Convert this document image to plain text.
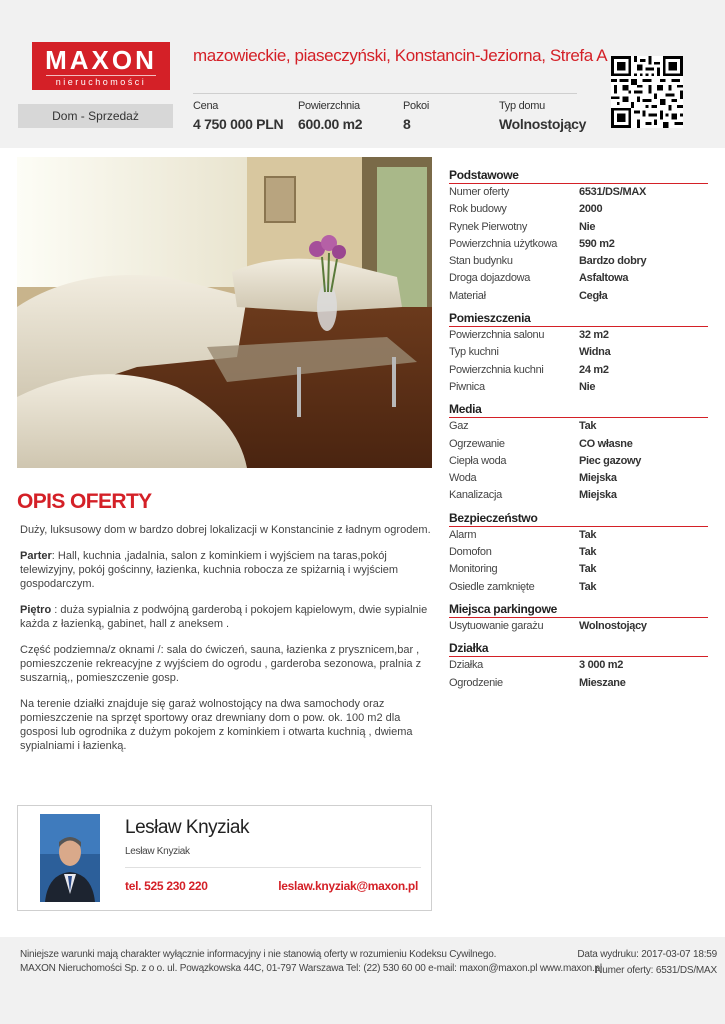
MAXON
nieruchomości
mazowieckie, piaseczyński, Konstancin-Jeziorna, Strefa A
Dom - Sprzedaż
Cena
4 750 000 PLN
Powierzchnia
600.00 m2
Pokoi
8
Typ domu
Wolnostojący
OPIS OFERTY

Duży, luksusowy dom w bardzo dobrej lokalizacji w Konstancinie z ładnym ogrodem.

Parter: Hall, kuchnia ,jadalnia, salon z kominkiem i wyjściem na taras,pokój telewizyjny, pokój gościnny, łazienka, kuchnia robocza ze spiżarnią i wyjściem gospodarczym.

Piętro : duża sypialnia z podwójną garderobą i pokojem kąpielowym, dwie sypialnie każda z łazienką, gabinet, hall z aneksem .

Część podziemna/z oknami /: sala do ćwiczeń, sauna, łazienka z prysznicem,bar , pomieszczenie rekreacyjne z wyjściem do ogrodu , garderoba sezonowa, pralnia z suszarnią,, pomieszczenie gosp.

Na terenie działki znajduje się garaż wolnostojący na dwa samochody oraz pomieszczenie na sprzęt sportowy oraz drewniany dom o pow. ok. 100 m2 dla gosposi lub ogrodnika z dużym pokojem z kominkiem i otwarta kuchnią , dwiema sypialniami i łazienką.

Podstawowe
Numer oferty	6531/DS/MAX
Rok budowy	2000
Rynek Pierwotny	Nie
Powierzchnia użytkowa	590 m2
Stan budynku	Bardzo dobry
Droga dojazdowa	Asfaltowa
Materiał	Cegła
Pomieszczenia
Powierzchnia salonu	32 m2
Typ kuchni	Widna
Powierzchnia kuchni	24 m2
Piwnica	Nie
Media
Gaz	Tak
Ogrzewanie	CO własne
Ciepła woda	Piec gazowy
Woda	Miejska
Kanalizacja	Miejska
Bezpieczeństwo
Alarm	Tak
Domofon	Tak
Monitoring	Tak
Osiedle zamknięte	Tak
Miejsca parkingowe
Usytuowanie garażu	Wolnostojący
Działka
Działka	3 000 m2
Ogrodzenie	Mieszane
Lesław Knyziak
Lesław Knyziak
tel. 525 230 220	leslaw.knyziak@maxon.pl
Niniejsze warunki mają charakter wyłącznie informacyjny i nie stanowią oferty w rozumieniu Kodeksu Cywilnego.
MAXON Nieruchomości Sp. z o o. ul. Powązkowska 44C, 01-797 Warszawa Tel: (22) 530 60 00 e-mail: maxon@maxon.pl www.maxon.pl
Data wydruku: 2017-03-07 18:59
Numer oferty: 6531/DS/MAX
